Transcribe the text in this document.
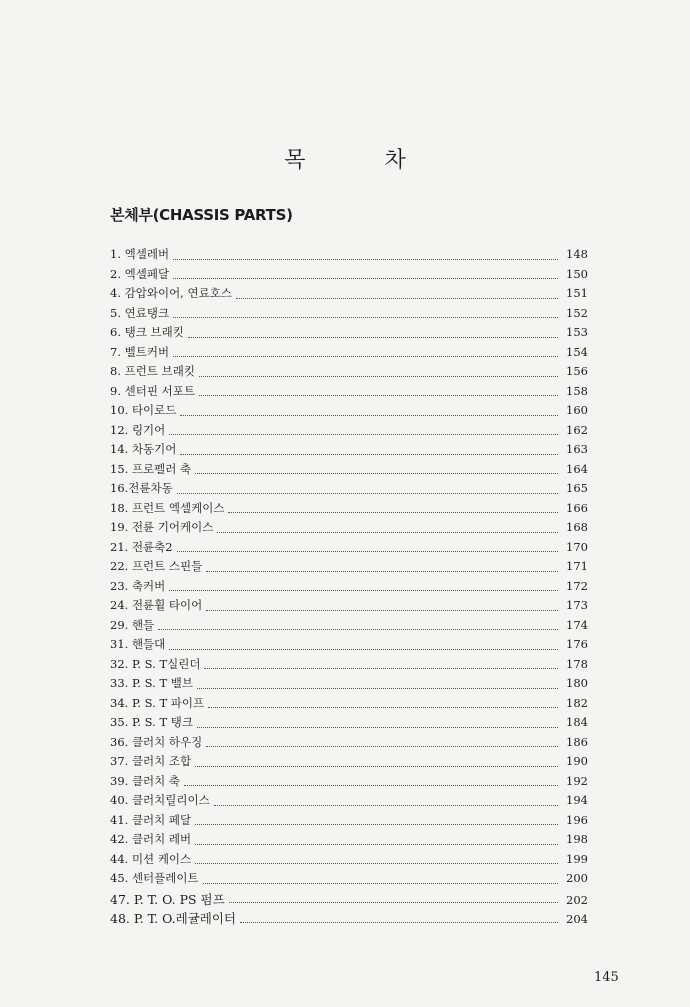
목 차
본체부(CHASSIS PARTS)
1. 엑셀레버	148
2. 엑셀페달	150
4. 감압와이어, 연료호스	151
5. 연료탱크	152
6. 탱크 브래킷	153
7. 벨트커버	154
8. 프런트 브래킷	156
9. 센터핀 서포트	158
10. 타이로드	160
12. 링기어	162
14. 차동기어	163
15. 프로펠러 축	164
16.전륜차동	165
18. 프런트 엑셀케이스	166
19. 전륜 기어케이스	168
21. 전륜축2	170
22. 프런트 스핀들	171
23. 축커버	172
24. 전륜휠 타이어	173
29. 핸들	174
31. 핸들대	176
32. P. S. T실린더	178
33. P. S. T 밸브	180
34. P. S. T 파이프	182
35. P. S. T 탱크	184
36. 클러치 하우징	186
37. 클러치 조합	190
39. 클러치 축	192
40. 클러치릴리이스	194
41. 클러치 페달	196
42. 클러치 레버	198
44. 미션 케이스	199
45. 센터플레이트	200
47. P. T. O. PS 펌프	202
48. P. T. O.레귤레이터	204
145
